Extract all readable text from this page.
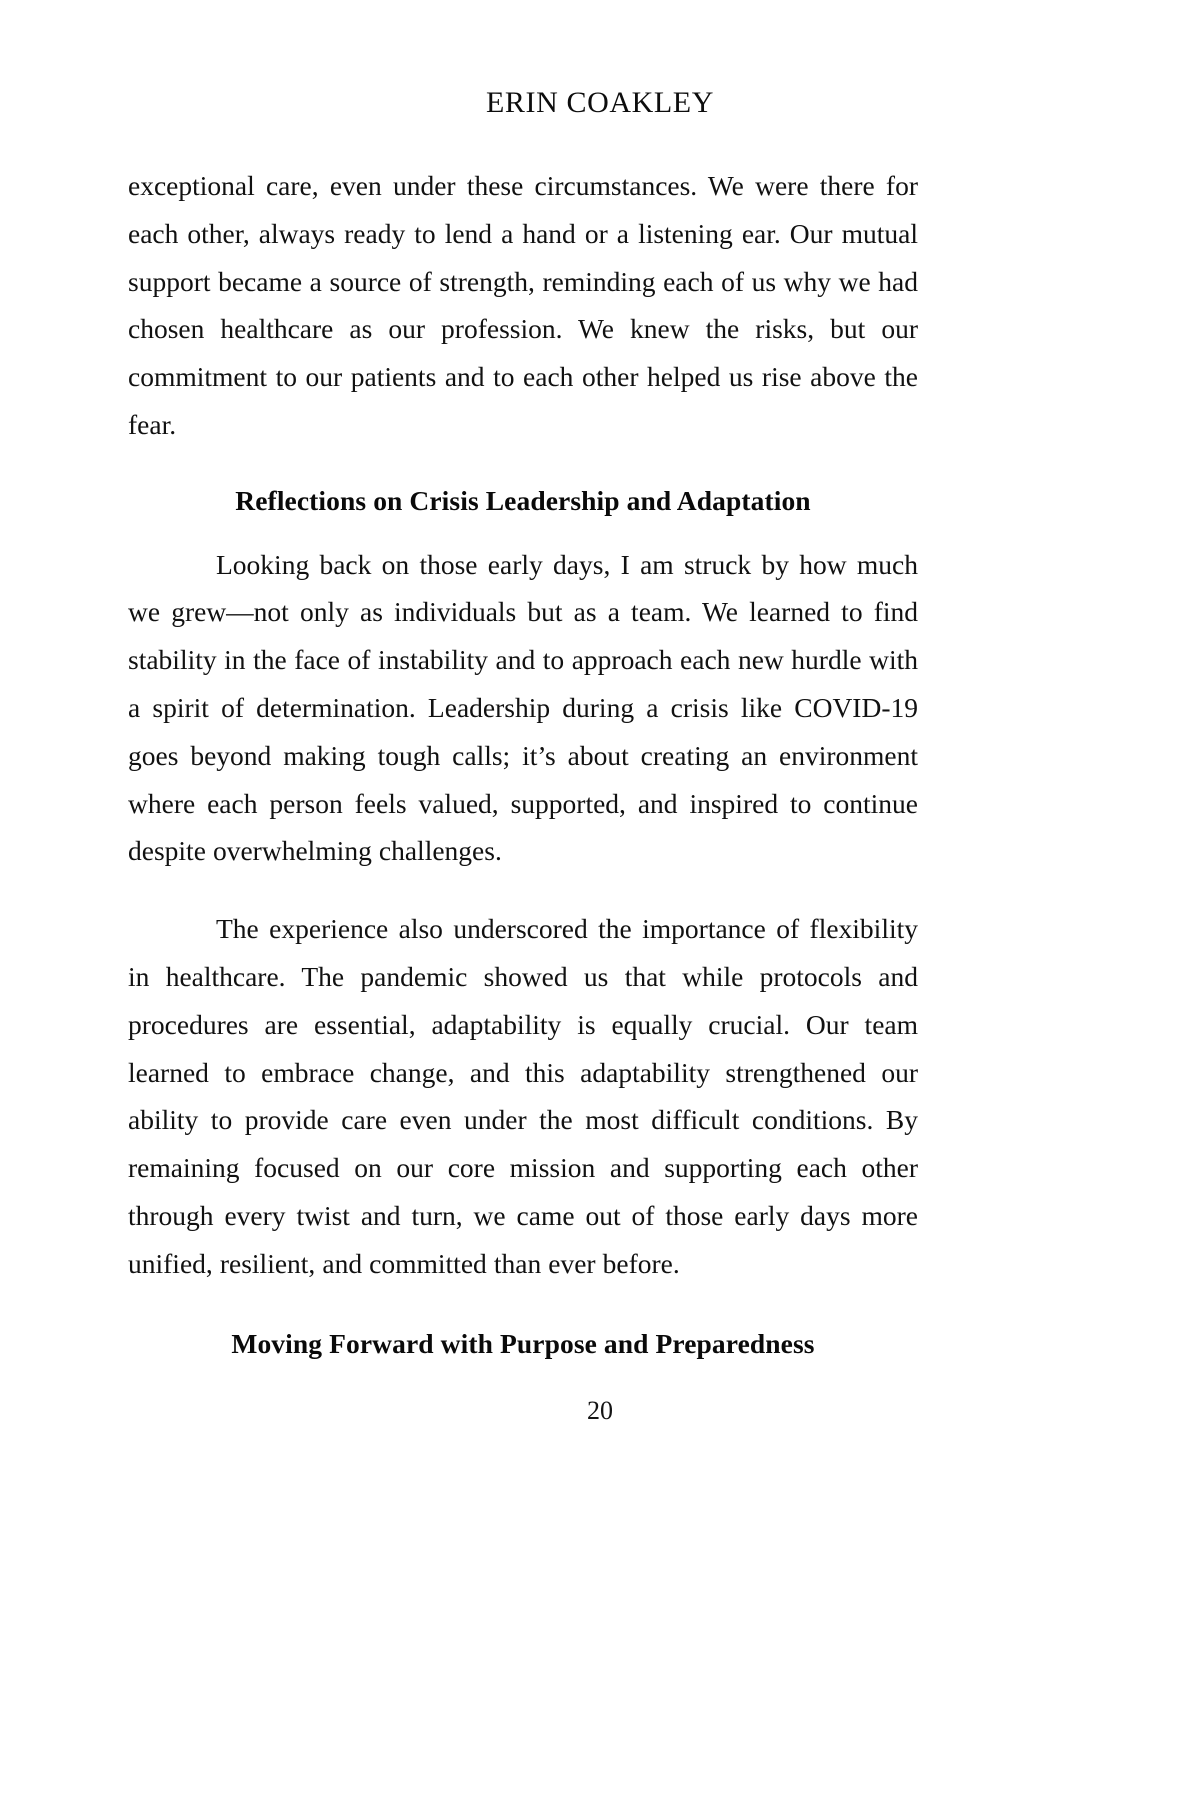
ERIN COAKLEY

exceptional care, even under these circumstances. We were there for each other, always ready to lend a hand or a listening ear. Our mutual support became a source of strength, reminding each of us why we had chosen healthcare as our profession. We knew the risks, but our commitment to our patients and to each other helped us rise above the fear.

Reflections on Crisis Leadership and Adaptation

Looking back on those early days, I am struck by how much we grew—not only as individuals but as a team. We learned to find stability in the face of instability and to approach each new hurdle with a spirit of determination. Leadership during a crisis like COVID-19 goes beyond making tough calls; it’s about creating an environment where each person feels valued, supported, and inspired to continue despite overwhelming challenges.

The experience also underscored the importance of flexibility in healthcare. The pandemic showed us that while protocols and procedures are essential, adaptability is equally crucial. Our team learned to embrace change, and this adaptability strengthened our ability to provide care even under the most difficult conditions. By remaining focused on our core mission and supporting each other through every twist and turn, we came out of those early days more unified, resilient, and committed than ever before.

Moving Forward with Purpose and Preparedness
20
